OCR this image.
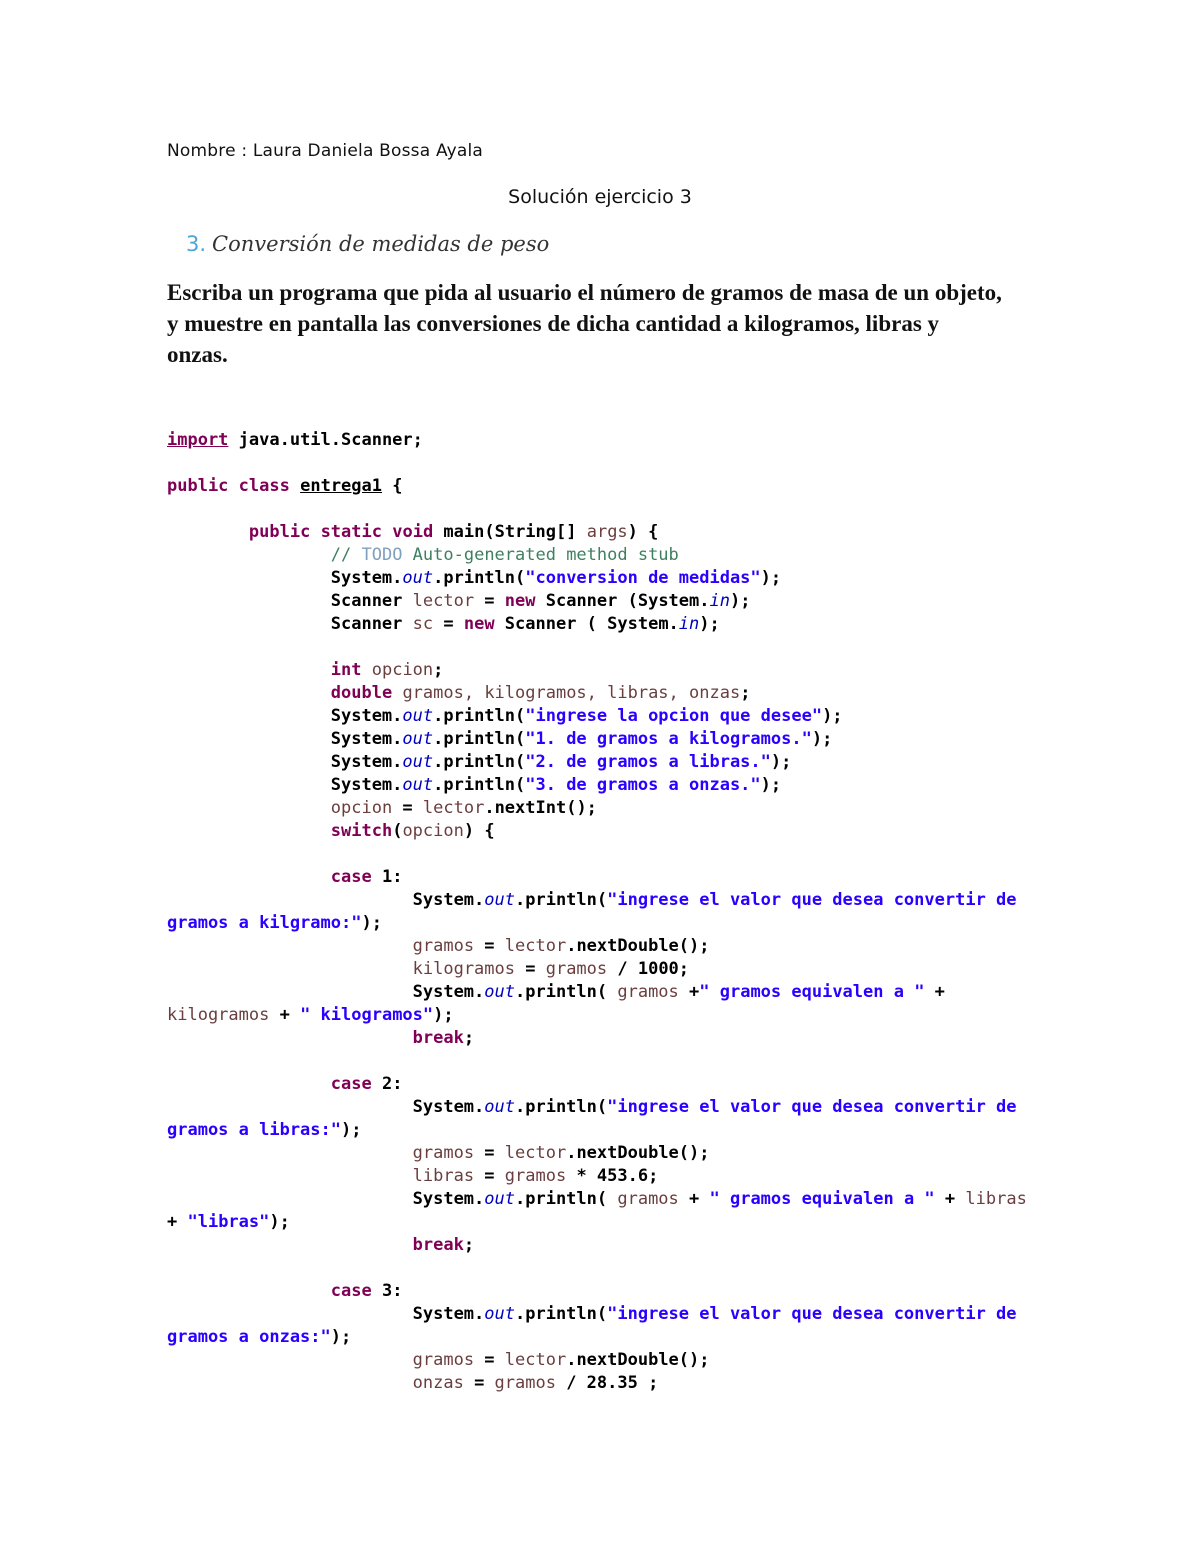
Nombre : Laura Daniela Bossa Ayala
Solución ejercicio 3
3. Conversión de medidas de peso
Escriba un programa que pida al usuario el número de gramos de masa de un objeto,
y muestre en pantalla las conversiones de dicha cantidad a kilogramos, libras y
onzas.
import java.util.Scanner;
public class entrega1 {
public static void main(String[] args) {
// TODO Auto-generated method stub
System.out.println("conversion de medidas");
Scanner lector = new Scanner (System.in);
Scanner sc = new Scanner ( System.in);
int opcion;
double gramos, kilogramos, libras, onzas;
System.out.println("ingrese la opcion que desee");
System.out.println("1. de gramos a kilogramos.");
System.out.println("2. de gramos a libras.");
System.out.println("3. de gramos a onzas.");
opcion = lector.nextInt();
switch(opcion) {
case 1:
System.out.println("ingrese el valor que desea convertir de
gramos a kilgramo:");
gramos = lector.nextDouble();
kilogramos = gramos / 1000;
System.out.println( gramos +" gramos equivalen a " +
kilogramos + " kilogramos");
break;
case 2:
System.out.println("ingrese el valor que desea convertir de
gramos a libras:");
gramos = lector.nextDouble();
libras = gramos * 453.6;
System.out.println( gramos + " gramos equivalen a " + libras
+ "libras");
break;
case 3:
System.out.println("ingrese el valor que desea convertir de
gramos a onzas:");
gramos = lector.nextDouble();
onzas = gramos / 28.35 ;
